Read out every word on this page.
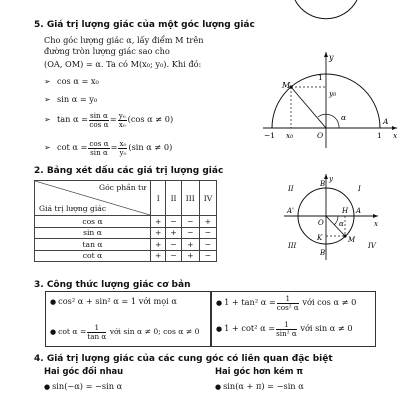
5. Giá trị lượng giác của một góc lượng giác
Cho góc lượng giác α, lấy điểm M trên
đường tròn lượng giác sao cho
(OA, OM) = α. Ta có M(x₀; y₀). Khi đó:
➢ cos α = x₀
➢ sin α = y₀
➢ $\tan \alpha = \frac{\text{sin α}}{\text{cos α}} = \frac{\text{y₀}}{\text{x₀}} (\cos$ α ≠ 0)
➢ $\cot \alpha = \frac{\text{cos α}}{\text{sin α}} = \frac{\text{x₀}}{\text{y₀}} (\sin$ α ≠ 0)
y
1
M
y₀
−1 x₀	O	1
A
α
x
2. Bảng xét dấu các giá trị lượng giác
Góc phần tư
Giá trị lượng giác	I	II	III	IV

cos α	+	−	−	+
sin α	+	+	−	−
tan α	+	−	+	−
cot α	+	−	+	−
B
y
II	I
A'	H A
O α	x
K	M
III	IV
B'
3. Công thức lượng giác cơ bản
● cos² α + sin² α = 1 với mọi α	● 1 + tan² $\alpha = \frac{1}{\text{cos² α}}$ với cos α ≠ 0
● $\cot \alpha = \frac{1}{\text{tan α}}$ với sin α ≠ 0; cos α ≠ 0	● 1 + cot² $\alpha = \frac{1}{\text{sin² α}}$ với sin α ≠ 0
4. Giá trị lượng giác của các cung góc có liên quan đặc biệt
Hai góc đối nhau	Hai góc hơn kém π
● sin(−α) = −sin α	● sin(α + π) = −sin α
